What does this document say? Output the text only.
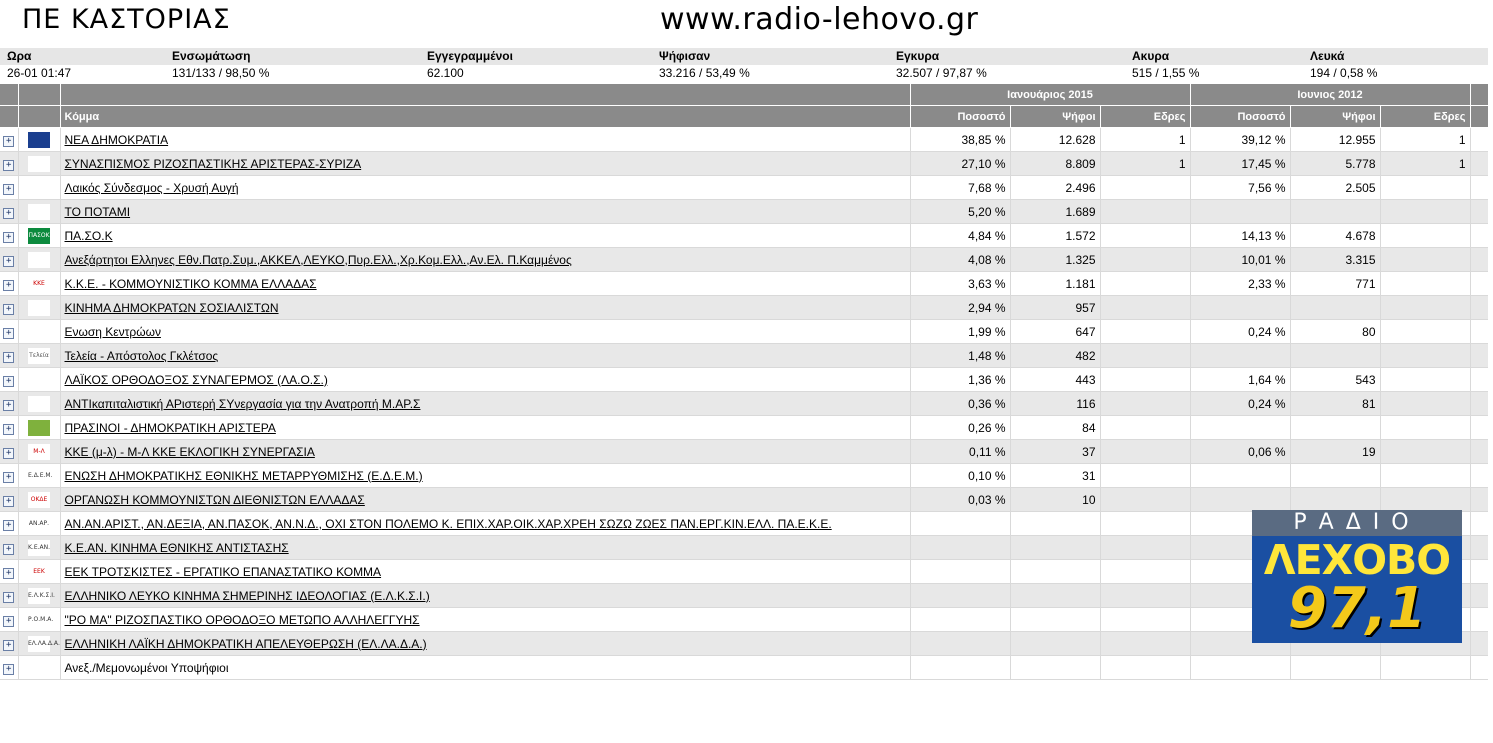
ΠΕ ΚΑΣΤΟΡΙΑΣ	www.radio-lehovo.gr
Ωρα	Ενσωμάτωση	Εγγεγραμμένοι	Ψήφισαν	Εγκυρα	Ακυρα	Λευκά
26-01 01:47	131/133 / 98,50 %	62.100	33.216 / 53,49 %	32.507 / 97,87 %	515 / 1,55 %	194 / 0,58 %
			Ιανουάριος 2015			Ιουνιος 2012			
		Κόμμα	Ποσοστό	Ψήφοι	Εδρες	Ποσοστό	Ψήφοι	Εδρες	
+		ΝΕΑ ΔΗΜΟΚΡΑΤΙΑ	38,85 %	12.628	1	39,12 %	12.955	1	
+		ΣΥΝΑΣΠΙΣΜΟΣ ΡΙΖΟΣΠΑΣΤΙΚΗΣ ΑΡΙΣΤΕΡΑΣ-ΣΥΡΙΖΑ	27,10 %	8.809	1	17,45 %	5.778	1	
+		Λαικός Σύνδεσμος - Χρυσή Αυγή	7,68 %	2.496		7,56 %	2.505		
+		ΤΟ ΠΟΤΑΜΙ	5,20 %	1.689					
+	ΠΑΣΟΚ	ΠΑ.ΣΟ.Κ	4,84 %	1.572		14,13 %	4.678		
+		Ανεξάρτητοι Ελληνες Εθν.Πατρ.Συμ.,ΑΚΚΕΛ,ΛΕΥΚΟ,Πυρ.Ελλ.,Χρ.Κομ.Ελλ.,Αν.Ελ. Π.Καμμένος	4,08 %	1.325		10,01 %	3.315		
+	ΚΚΕ	Κ.Κ.Ε. - ΚΟΜΜΟΥΝΙΣΤΙΚΟ ΚΟΜΜΑ ΕΛΛΑΔΑΣ	3,63 %	1.181		2,33 %	771		
+		ΚΙΝΗΜΑ ΔΗΜΟΚΡΑΤΩΝ ΣΟΣΙΑΛΙΣΤΩΝ	2,94 %	957					
+		Ενωση Κεντρώων	1,99 %	647		0,24 %	80		
+	Τελεία	Τελεία - Απόστολος Γκλέτσος	1,48 %	482					
+		ΛΑΪΚΟΣ ΟΡΘΟΔΟΞΟΣ ΣΥΝΑΓΕΡΜΟΣ (ΛΑ.Ο.Σ.)	1,36 %	443		1,64 %	543		
+		ΑΝΤΙκαπιταλιστική ΑΡιστερή ΣΥνεργασία για την Ανατροπή Μ.ΑΡ.Σ	0,36 %	116		0,24 %	81		
+		ΠΡΑΣΙΝΟΙ - ΔΗΜΟΚΡΑΤΙΚΗ ΑΡΙΣΤΕΡΑ	0,26 %	84					
+	Μ-Λ	ΚΚΕ (μ-λ) - Μ-Λ ΚΚΕ ΕΚΛΟΓΙΚΗ ΣΥΝΕΡΓΑΣΙΑ	0,11 %	37		0,06 %	19		
+	Ε.Δ.Ε.Μ.	ΕΝΩΣΗ ΔΗΜΟΚΡΑΤΙΚΗΣ ΕΘΝΙΚΗΣ ΜΕΤΑΡΡΥΘΜΙΣΗΣ (Ε.Δ.Ε.Μ.)	0,10 %	31					
+	ΟΚΔΕ	ΟΡΓΑΝΩΣΗ ΚΟΜΜΟΥΝΙΣΤΩΝ ΔΙΕΘΝΙΣΤΩΝ ΕΛΛΑΔΑΣ	0,03 %	10					
+	ΑΝ.ΑΡ.	ΑΝ.ΑΝ.ΑΡΙΣΤ., ΑΝ.ΔΕΞΙΑ, ΑΝ.ΠΑΣΟΚ, ΑΝ.Ν.Δ., ΟΧΙ ΣΤΟΝ ΠΟΛΕΜΟ Κ. ΕΠΙΧ.ΧΑΡ.ΟΙΚ.ΧΑΡ.ΧΡΕΗ ΣΩΖΩ ΖΩΕΣ ΠΑΝ.ΕΡΓ.ΚΙΝ.ΕΛΛ. ΠΑ.Ε.Κ.Ε.							
+	Κ.Ε.ΑΝ.	Κ.Ε.ΑΝ. ΚΙΝΗΜΑ ΕΘΝΙΚΗΣ ΑΝΤΙΣΤΑΣΗΣ							
+	ΕΕΚ	ΕΕΚ ΤΡΟΤΣΚΙΣΤΕΣ - ΕΡΓΑΤΙΚΟ ΕΠΑΝΑΣΤΑΤΙΚΟ ΚΟΜΜΑ							
+	Ε.Λ.Κ.Σ.Ι.	ΕΛΛΗΝΙΚΟ ΛΕΥΚΟ ΚΙΝΗΜΑ ΣΗΜΕΡΙΝΗΣ ΙΔΕΟΛΟΓΙΑΣ (Ε.Λ.Κ.Σ.Ι.)							
+	Ρ.Ο.Μ.Α.	"ΡΟ ΜΑ" ΡΙΖΟΣΠΑΣΤΙΚΟ ΟΡΘΟΔΟΞΟ ΜΕΤΩΠΟ ΑΛΛΗΛΕΓΓΥΗΣ							
+	ΕΛ.ΛΑ.Δ.Α.	ΕΛΛΗΝΙΚΗ ΛΑΪΚΗ ΔΗΜΟΚΡΑΤΙΚΗ ΑΠΕΛΕΥΘΕΡΩΣΗ (ΕΛ.ΛΑ.Δ.Α.)							
+		Ανεξ./Μεμονωμένοι Υποψήφιοι							
ΡΑΔΙΟ
ΛΕΧΟΒΟ
97,1
